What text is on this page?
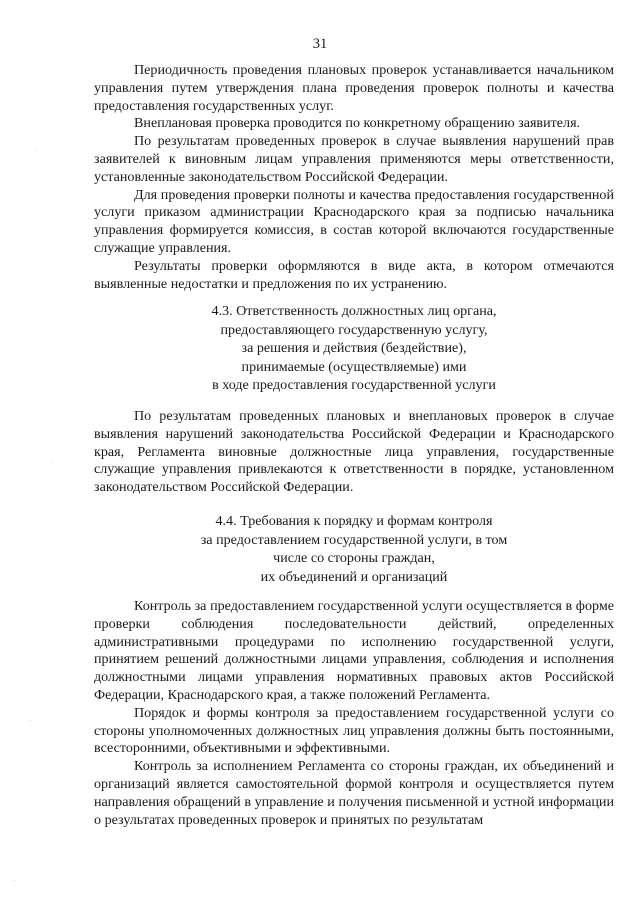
31

Периодичность проведения плановых проверок устанавливается начальником управления путем утверждения плана проведения проверок полноты и качества предоставления государственных услуг.

Внеплановая проверка проводится по конкретному обращению заявителя.

По результатам проведенных проверок в случае выявления нарушений прав заявителей к виновным лицам управления применяются меры ответственности, установленные законодательством Российской Федерации.

Для проведения проверки полноты и качества предоставления государственной услуги приказом администрации Краснодарского края за подписью начальника управления формируется комиссия, в состав которой включаются государственные служащие управления.

Результаты проверки оформляются в виде акта, в котором отмечаются выявленные недостатки и предложения по их устранению.

4.3. Ответственность должностных лиц органа,
предоставляющего государственную услугу,
за решения и действия (бездействие),
принимаемые (осуществляемые) ими
в ходе предоставления государственной услуги

По результатам проведенных плановых и внеплановых проверок в случае выявления нарушений законодательства Российской Федерации и Краснодарского края, Регламента виновные должностные лица управления, государственные служащие управления привлекаются к ответственности в порядке, установленном законодательством Российской Федерации.

4.4. Требования к порядку и формам контроля
за предоставлением государственной услуги, в том
числе со стороны граждан,
их объединений и организаций

Контроль за предоставлением государственной услуги осуществляется в форме проверки соблюдения последовательности действий, определенных административными процедурами по исполнению государственной услуги, принятием решений должностными лицами управления, соблюдения и исполнения должностными лицами управления нормативных правовых актов Российской Федерации, Краснодарского края, а также положений Регламента.

Порядок и формы контроля за предоставлением государственной услуги со стороны уполномоченных должностных лиц управления должны быть постоянными, всесторонними, объективными и эффективными.

Контроль за исполнением Регламента со стороны граждан, их объединений и организаций является самостоятельной формой контроля и осуществляется путем направления обращений в управление и получения письменной и устной информации о результатах проведенных проверок и принятых по результатам
